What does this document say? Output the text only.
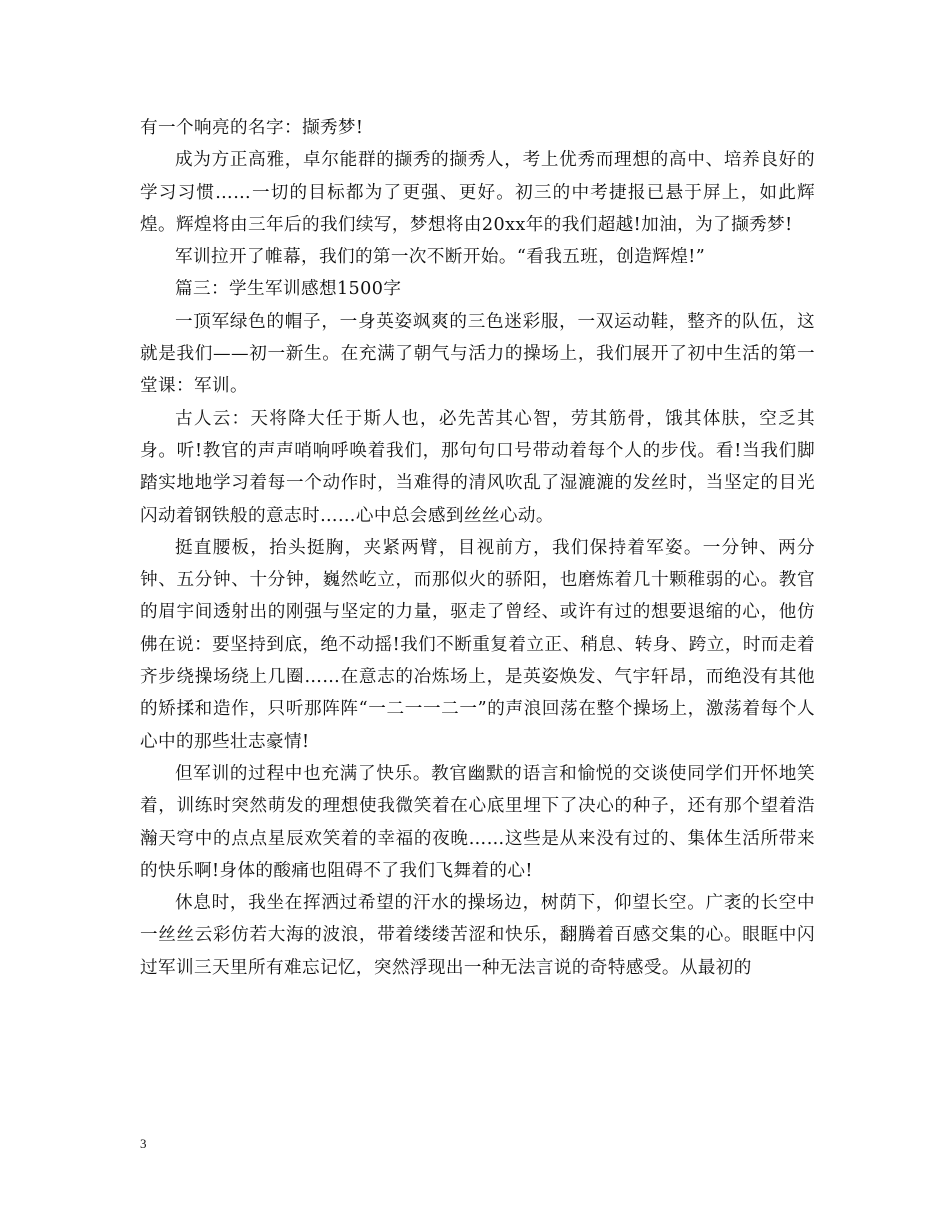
有一个响亮的名字：撷秀梦!

成为方正高雅，卓尔能群的撷秀的撷秀人，考上优秀而理想的高中、培养良好的学习习惯……一切的目标都为了更强、更好。初三的中考捷报已悬于屏上，如此辉煌。辉煌将由三年后的我们续写，梦想将由20xx年的我们超越!加油，为了撷秀梦!

军训拉开了帷幕，我们的第一次不断开始。“看我五班，创造辉煌!”

篇三：学生军训感想1500字

一顶军绿色的帽子，一身英姿飒爽的三色迷彩服，一双运动鞋，整齐的队伍，这就是我们——初一新生。在充满了朝气与活力的操场上，我们展开了初中生活的第一堂课：军训。

古人云：天将降大任于斯人也，必先苦其心智，劳其筋骨，饿其体肤，空乏其身。听!教官的声声哨响呼唤着我们，那句句口号带动着每个人的步伐。看!当我们脚踏实地地学习着每一个动作时，当难得的清风吹乱了湿漉漉的发丝时，当坚定的目光闪动着钢铁般的意志时……心中总会感到丝丝心动。

挺直腰板，抬头挺胸，夹紧两臂，目视前方，我们保持着军姿。一分钟、两分钟、五分钟、十分钟，巍然屹立，而那似火的骄阳，也磨炼着几十颗稚弱的心。教官的眉宇间透射出的刚强与坚定的力量，驱走了曾经、或许有过的想要退缩的心，他仿佛在说：要坚持到底，绝不动摇!我们不断重复着立正、稍息、转身、跨立，时而走着齐步绕操场绕上几圈……在意志的冶炼场上，是英姿焕发、气宇轩昂，而绝没有其他的矫揉和造作，只听那阵阵“一二一一二一”的声浪回荡在整个操场上，激荡着每个人心中的那些壮志豪情!

但军训的过程中也充满了快乐。教官幽默的语言和愉悦的交谈使同学们开怀地笑着，训练时突然萌发的理想使我微笑着在心底里埋下了决心的种子，还有那个望着浩瀚天穹中的点点星辰欢笑着的幸福的夜晚……这些是从来没有过的、集体生活所带来的快乐啊!身体的酸痛也阻碍不了我们飞舞着的心!

休息时，我坐在挥洒过希望的汗水的操场边，树荫下，仰望长空。广袤的长空中一丝丝云彩仿若大海的波浪，带着缕缕苦涩和快乐，翻腾着百感交集的心。眼眶中闪过军训三天里所有难忘记忆，突然浮现出一种无法言说的奇特感受。从最初的

3
